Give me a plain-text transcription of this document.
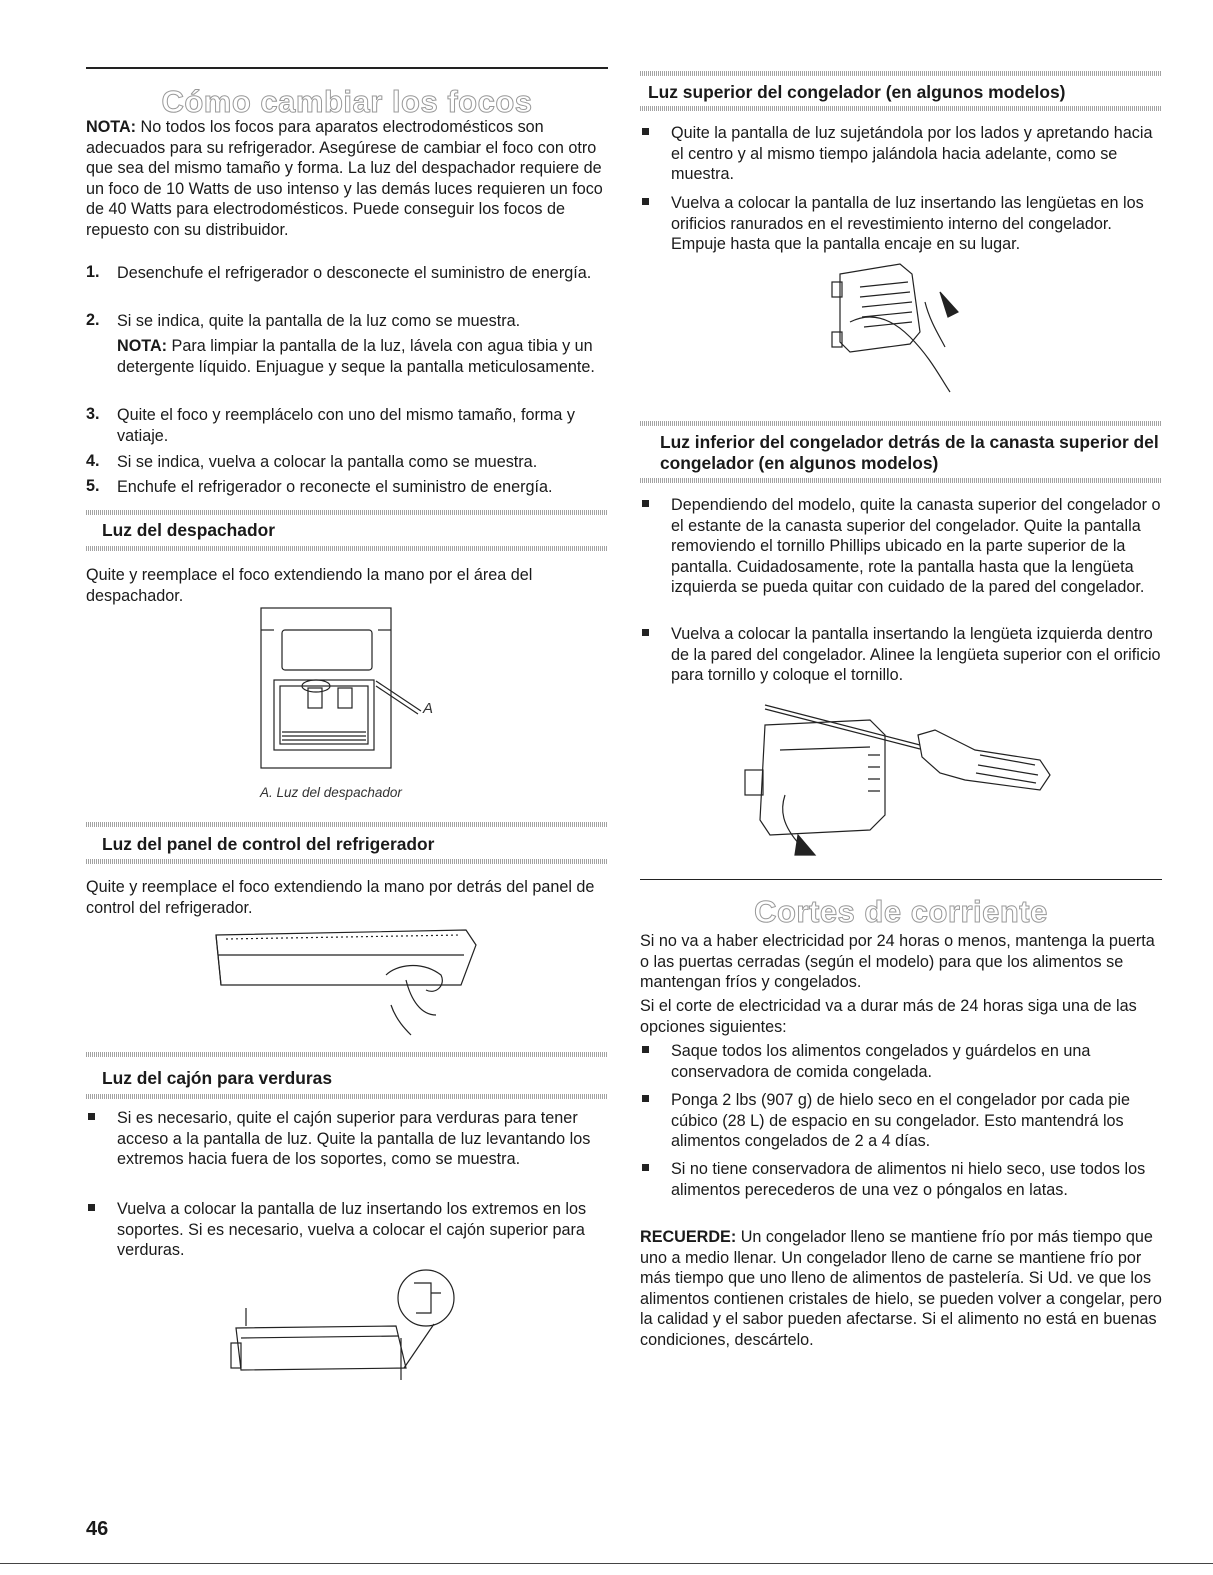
Cómo cambiar los focos

NOTA: No todos los focos para aparatos electrodomésticos son adecuados para su refrigerador. Asegúrese de cambiar el foco con otro que sea del mismo tamaño y forma. La luz del despachador requiere de un foco de 10 Watts de uso intenso y las demás luces requieren un foco de 40 Watts para electrodomésticos. Puede conseguir los focos de repuesto con su distribuidor.

1. Desenchufe el refrigerador o desconecte el suministro de energía.

2. Si se indica, quite la pantalla de la luz como se muestra.

NOTA: Para limpiar la pantalla de la luz, lávela con agua tibia y un detergente líquido. Enjuague y seque la pantalla meticulosamente.

3. Quite el foco y reemplácelo con uno del mismo tamaño, forma y vatiaje.

4. Si se indica, vuelva a colocar la pantalla como se muestra.

5. Enchufe el refrigerador o reconecte el suministro de energía.

Luz del despachador

Quite y reemplace el foco extendiendo la mano por el área del despachador.

A
A. Luz del despachador
Luz del panel de control del refrigerador

Quite y reemplace el foco extendiendo la mano por detrás del panel de control del refrigerador.

Luz del cajón para verduras

Si es necesario, quite el cajón superior para verduras para tener acceso a la pantalla de luz. Quite la pantalla de luz levantando los extremos hacia fuera de los soportes, como se muestra.

Vuelva a colocar la pantalla de luz insertando los extremos en los soportes. Si es necesario, vuelva a colocar el cajón superior para verduras.

Luz superior del congelador (en algunos modelos)

Quite la pantalla de luz sujetándola por los lados y apretando hacia el centro y al mismo tiempo jalándola hacia adelante, como se muestra.

Vuelva a colocar la pantalla de luz insertando las lengüetas en los orificios ranurados en el revestimiento interno del congelador. Empuje hasta que la pantalla encaje en su lugar.

Luz inferior del congelador detrás de la canasta superior del congelador (en algunos modelos)

Dependiendo del modelo, quite la canasta superior del congelador o el estante de la canasta superior del congelador. Quite la pantalla removiendo el tornillo Phillips ubicado en la parte superior de la pantalla. Cuidadosamente, rote la pantalla hasta que la lengüeta izquierda se pueda quitar con cuidado de la pared del congelador.

Vuelva a colocar la pantalla insertando la lengüeta izquierda dentro de la pared del congelador. Alinee la lengüeta superior con el orificio para tornillo y coloque el tornillo.

Cortes de corriente

Si no va a haber electricidad por 24 horas o menos, mantenga la puerta o las puertas cerradas (según el modelo) para que los alimentos se mantengan fríos y congelados.

Si el corte de electricidad va a durar más de 24 horas siga una de las opciones siguientes:

Saque todos los alimentos congelados y guárdelos en una conservadora de comida congelada.

Ponga 2 lbs (907 g) de hielo seco en el congelador por cada pie cúbico (28 L) de espacio en su congelador. Esto mantendrá los alimentos congelados de 2 a 4 días.

Si no tiene conservadora de alimentos ni hielo seco, use todos los alimentos perecederos de una vez o póngalos en latas.

RECUERDE: Un congelador lleno se mantiene frío por más tiempo que uno a medio llenar. Un congelador lleno de carne se mantiene frío por más tiempo que uno lleno de alimentos de pastelería. Si Ud. ve que los alimentos contienen cristales de hielo, se pueden volver a congelar, pero la calidad y el sabor pueden afectarse. Si el alimento no está en buenas condiciones, descártelo.

46
